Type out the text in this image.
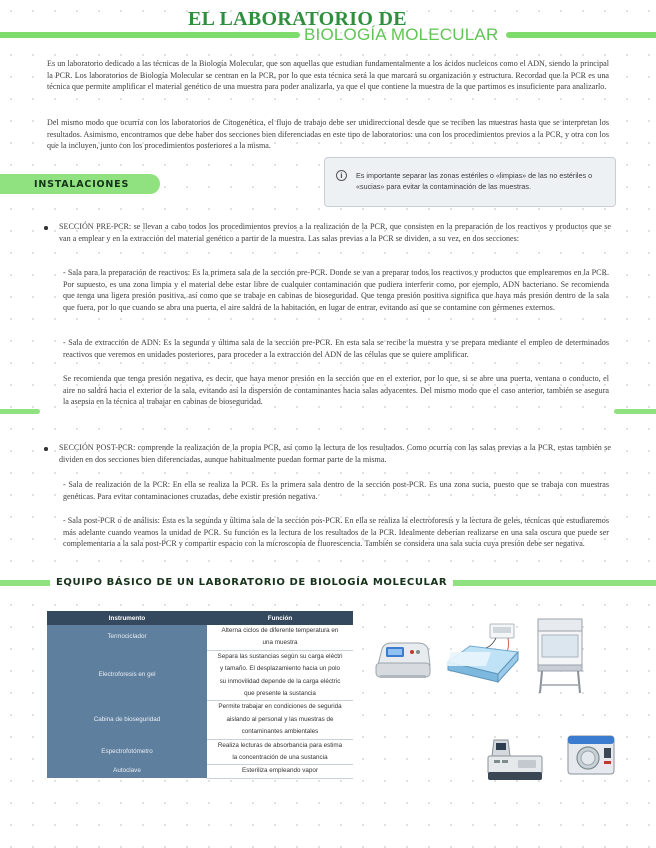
EL LABORATORIO DE
BIOLOGÍA MOLECULAR

Es un laboratorio dedicado a las técnicas de la Biología Molecular, que son aquellas que estudian fundamentalmente a los ácidos nucleicos como el ADN, siendo la principal la PCR. Los laboratorios de Biología Molecular se centran en la PCR, por lo que esta técnica será la que marcará su organización y estructura. Recordad que la PCR es una técnica que permite amplificar el material genético de una muestra para poder analizarla, ya que el que contiene la muestra de la que partimos es insuficiente para analizarlo.

Del mismo modo que ocurría con los laboratorios de Citogenética, el flujo de trabajo debe ser unidireccional desde que se reciben las muestras hasta que se interpretan los resultados. Asimismo, encontramos que debe haber dos secciones bien diferenciadas en este tipo de laboratorios: una con los procedimientos previos a la PCR, y otra con los que la incluyen, junto con los procedimientos posteriores a la misma.

INSTALACIONES
i	Es importante separar las zonas estériles o «limpias» de las no estériles o «sucias» para evitar la contaminación de las muestras.

SECCIÓN PRE-PCR: se llevan a cabo todos los procedimientos previos a la realización de la PCR, que consisten en la preparación de los reactivos y productos que se van a emplear y en la extracción del material genético a partir de la muestra. Las salas previas a la PCR se dividen, a su vez, en dos secciones:

- Sala para la preparación de reactivos: Es la primera sala de la sección pre-PCR. Donde se van a preparar todos los reactivos y productos que emplearemos en la PCR. Por supuesto, es una zona limpia y el material debe estar libre de cualquier contaminación que pudiera interferir como, por ejemplo, ADN bacteriano. Se recomienda que tenga una ligera presión positiva, así como que se trabaje en cabinas de bioseguridad. Que tenga presión positiva significa que haya más presión dentro de la sala que fuera, por lo que cuando se abra una puerta, el aire saldrá de la habitación, en lugar de entrar, evitando así que se contamine con gérmenes externos.

- Sala de extracción de ADN: Es la segunda y última sala de la sección pre-PCR. En esta sala se recibe la muestra y se prepara mediante el empleo de determinados reactivos que veremos en unidades posteriores, para proceder a la extracción del ADN de las células que se quiere amplificar.

Se recomienda que tenga presión negativa, es decir, que haya menor presión en la sección que en el exterior, por lo que, si se abre una puerta, ventana o conducto, el aire no saldrá hacia el exterior de la sala, evitando así la dispersión de contaminantes hacia salas adyacentes. Del mismo modo que el caso anterior, también se asegura la asepsia en la técnica al trabajar en cabinas de bioseguridad.

SECCIÓN POST-PCR: comprende la realización de la propia PCR, así como la lectura de los resultados. Como ocurría con las salas previas a la PCR, estas también se dividen en dos secciones bien diferenciadas, aunque habitualmente puedan formar parte de la misma.

- Sala de realización de la PCR: En ella se realiza la PCR. Es la primera sala dentro de la sección post-PCR. Es una zona sucia, puesto que se trabaja con muestras genéticas. Para evitar contaminaciones cruzadas, debe existir presión negativa.

- Sala post-PCR o de análisis: Esta es la segunda y última sala de la sección pos-PCR. En ella se realiza la electroforesis y la lectura de geles, técnicas que estudiaremos más adelante cuando veamos la unidad de PCR. Su función es la lectura de los resultados de la PCR. Idealmente deberían realizarse en una sala oscura que puede ser complementaria a la sala post-PCR y compartir espacio con la microscopía de fluorescencia. También se considera una sala sucia cuya presión debe ser negativa.

EQUIPO BÁSICO DE UN LABORATORIO DE BIOLOGÍA MOLECULAR
Instrumento	Función
Termociclador	Alterna ciclos de diferente temperatura en
una muestra

Electroforesis en gel	Separa las sustancias según su carga eléctri
y tamaño. El desplazamiento hacia un polo
su inmovilidad depende de la carga eléctric
que presente la sustancia

Cabina de bioseguridad	Permite trabajar en condiciones de segurida
aislando al personal y las muestras de
contaminantes ambientales

Espectrofotómetro	Realiza lecturas de absorbancia para estima
la concentración de una sustancia

Autoclave	Esteriliza empleando vapor
